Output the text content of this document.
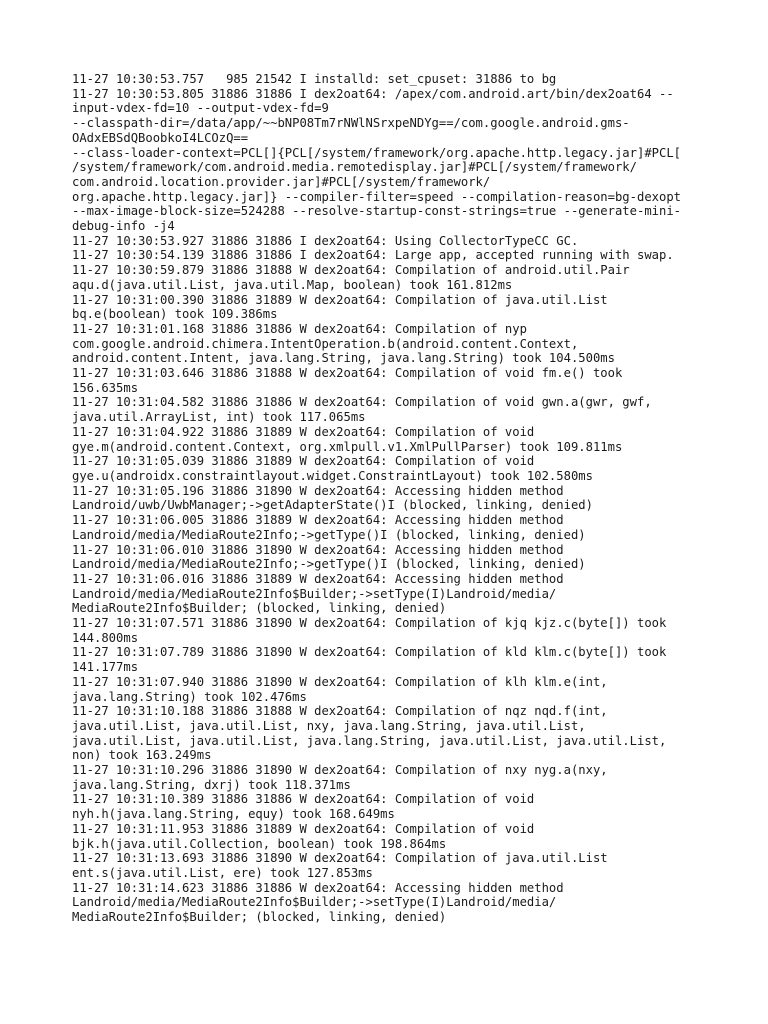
11-27 10:30:53.757   985 21542 I installd: set_cpuset: 31886 to bg
11-27 10:30:53.805 31886 31886 I dex2oat64: /apex/com.android.art/bin/dex2oat64 --
input-vdex-fd=10 --output-vdex-fd=9
--classpath-dir=/data/app/~~bNP08Tm7rNWlNSrxpeNDYg==/com.google.android.gms-
OAdxEBSdQBoobkoI4LCOzQ==
--class-loader-context=PCL[]{PCL[/system/framework/org.apache.http.legacy.jar]#PCL[
/system/framework/com.android.media.remotedisplay.jar]#PCL[/system/framework/
com.android.location.provider.jar]#PCL[/system/framework/
org.apache.http.legacy.jar]} --compiler-filter=speed --compilation-reason=bg-dexopt
--max-image-block-size=524288 --resolve-startup-const-strings=true --generate-mini-
debug-info -j4
11-27 10:30:53.927 31886 31886 I dex2oat64: Using CollectorTypeCC GC.
11-27 10:30:54.139 31886 31886 I dex2oat64: Large app, accepted running with swap.
11-27 10:30:59.879 31886 31888 W dex2oat64: Compilation of android.util.Pair
aqu.d(java.util.List, java.util.Map, boolean) took 161.812ms
11-27 10:31:00.390 31886 31889 W dex2oat64: Compilation of java.util.List
bq.e(boolean) took 109.386ms
11-27 10:31:01.168 31886 31886 W dex2oat64: Compilation of nyp
com.google.android.chimera.IntentOperation.b(android.content.Context,
android.content.Intent, java.lang.String, java.lang.String) took 104.500ms
11-27 10:31:03.646 31886 31888 W dex2oat64: Compilation of void fm.e() took
156.635ms
11-27 10:31:04.582 31886 31886 W dex2oat64: Compilation of void gwn.a(gwr, gwf,
java.util.ArrayList, int) took 117.065ms
11-27 10:31:04.922 31886 31889 W dex2oat64: Compilation of void
gye.m(android.content.Context, org.xmlpull.v1.XmlPullParser) took 109.811ms
11-27 10:31:05.039 31886 31889 W dex2oat64: Compilation of void
gye.u(androidx.constraintlayout.widget.ConstraintLayout) took 102.580ms
11-27 10:31:05.196 31886 31890 W dex2oat64: Accessing hidden method
Landroid/uwb/UwbManager;->getAdapterState()I (blocked, linking, denied)
11-27 10:31:06.005 31886 31889 W dex2oat64: Accessing hidden method
Landroid/media/MediaRoute2Info;->getType()I (blocked, linking, denied)
11-27 10:31:06.010 31886 31890 W dex2oat64: Accessing hidden method
Landroid/media/MediaRoute2Info;->getType()I (blocked, linking, denied)
11-27 10:31:06.016 31886 31889 W dex2oat64: Accessing hidden method
Landroid/media/MediaRoute2Info$Builder;->setType(I)Landroid/media/
MediaRoute2Info$Builder; (blocked, linking, denied)
11-27 10:31:07.571 31886 31890 W dex2oat64: Compilation of kjq kjz.c(byte[]) took
144.800ms
11-27 10:31:07.789 31886 31890 W dex2oat64: Compilation of kld klm.c(byte[]) took
141.177ms
11-27 10:31:07.940 31886 31890 W dex2oat64: Compilation of klh klm.e(int,
java.lang.String) took 102.476ms
11-27 10:31:10.188 31886 31888 W dex2oat64: Compilation of nqz nqd.f(int,
java.util.List, java.util.List, nxy, java.lang.String, java.util.List,
java.util.List, java.util.List, java.lang.String, java.util.List, java.util.List,
non) took 163.249ms
11-27 10:31:10.296 31886 31890 W dex2oat64: Compilation of nxy nyg.a(nxy,
java.lang.String, dxrj) took 118.371ms
11-27 10:31:10.389 31886 31886 W dex2oat64: Compilation of void
nyh.h(java.lang.String, equy) took 168.649ms
11-27 10:31:11.953 31886 31889 W dex2oat64: Compilation of void
bjk.h(java.util.Collection, boolean) took 198.864ms
11-27 10:31:13.693 31886 31890 W dex2oat64: Compilation of java.util.List
ent.s(java.util.List, ere) took 127.853ms
11-27 10:31:14.623 31886 31886 W dex2oat64: Accessing hidden method
Landroid/media/MediaRoute2Info$Builder;->setType(I)Landroid/media/
MediaRoute2Info$Builder; (blocked, linking, denied)
